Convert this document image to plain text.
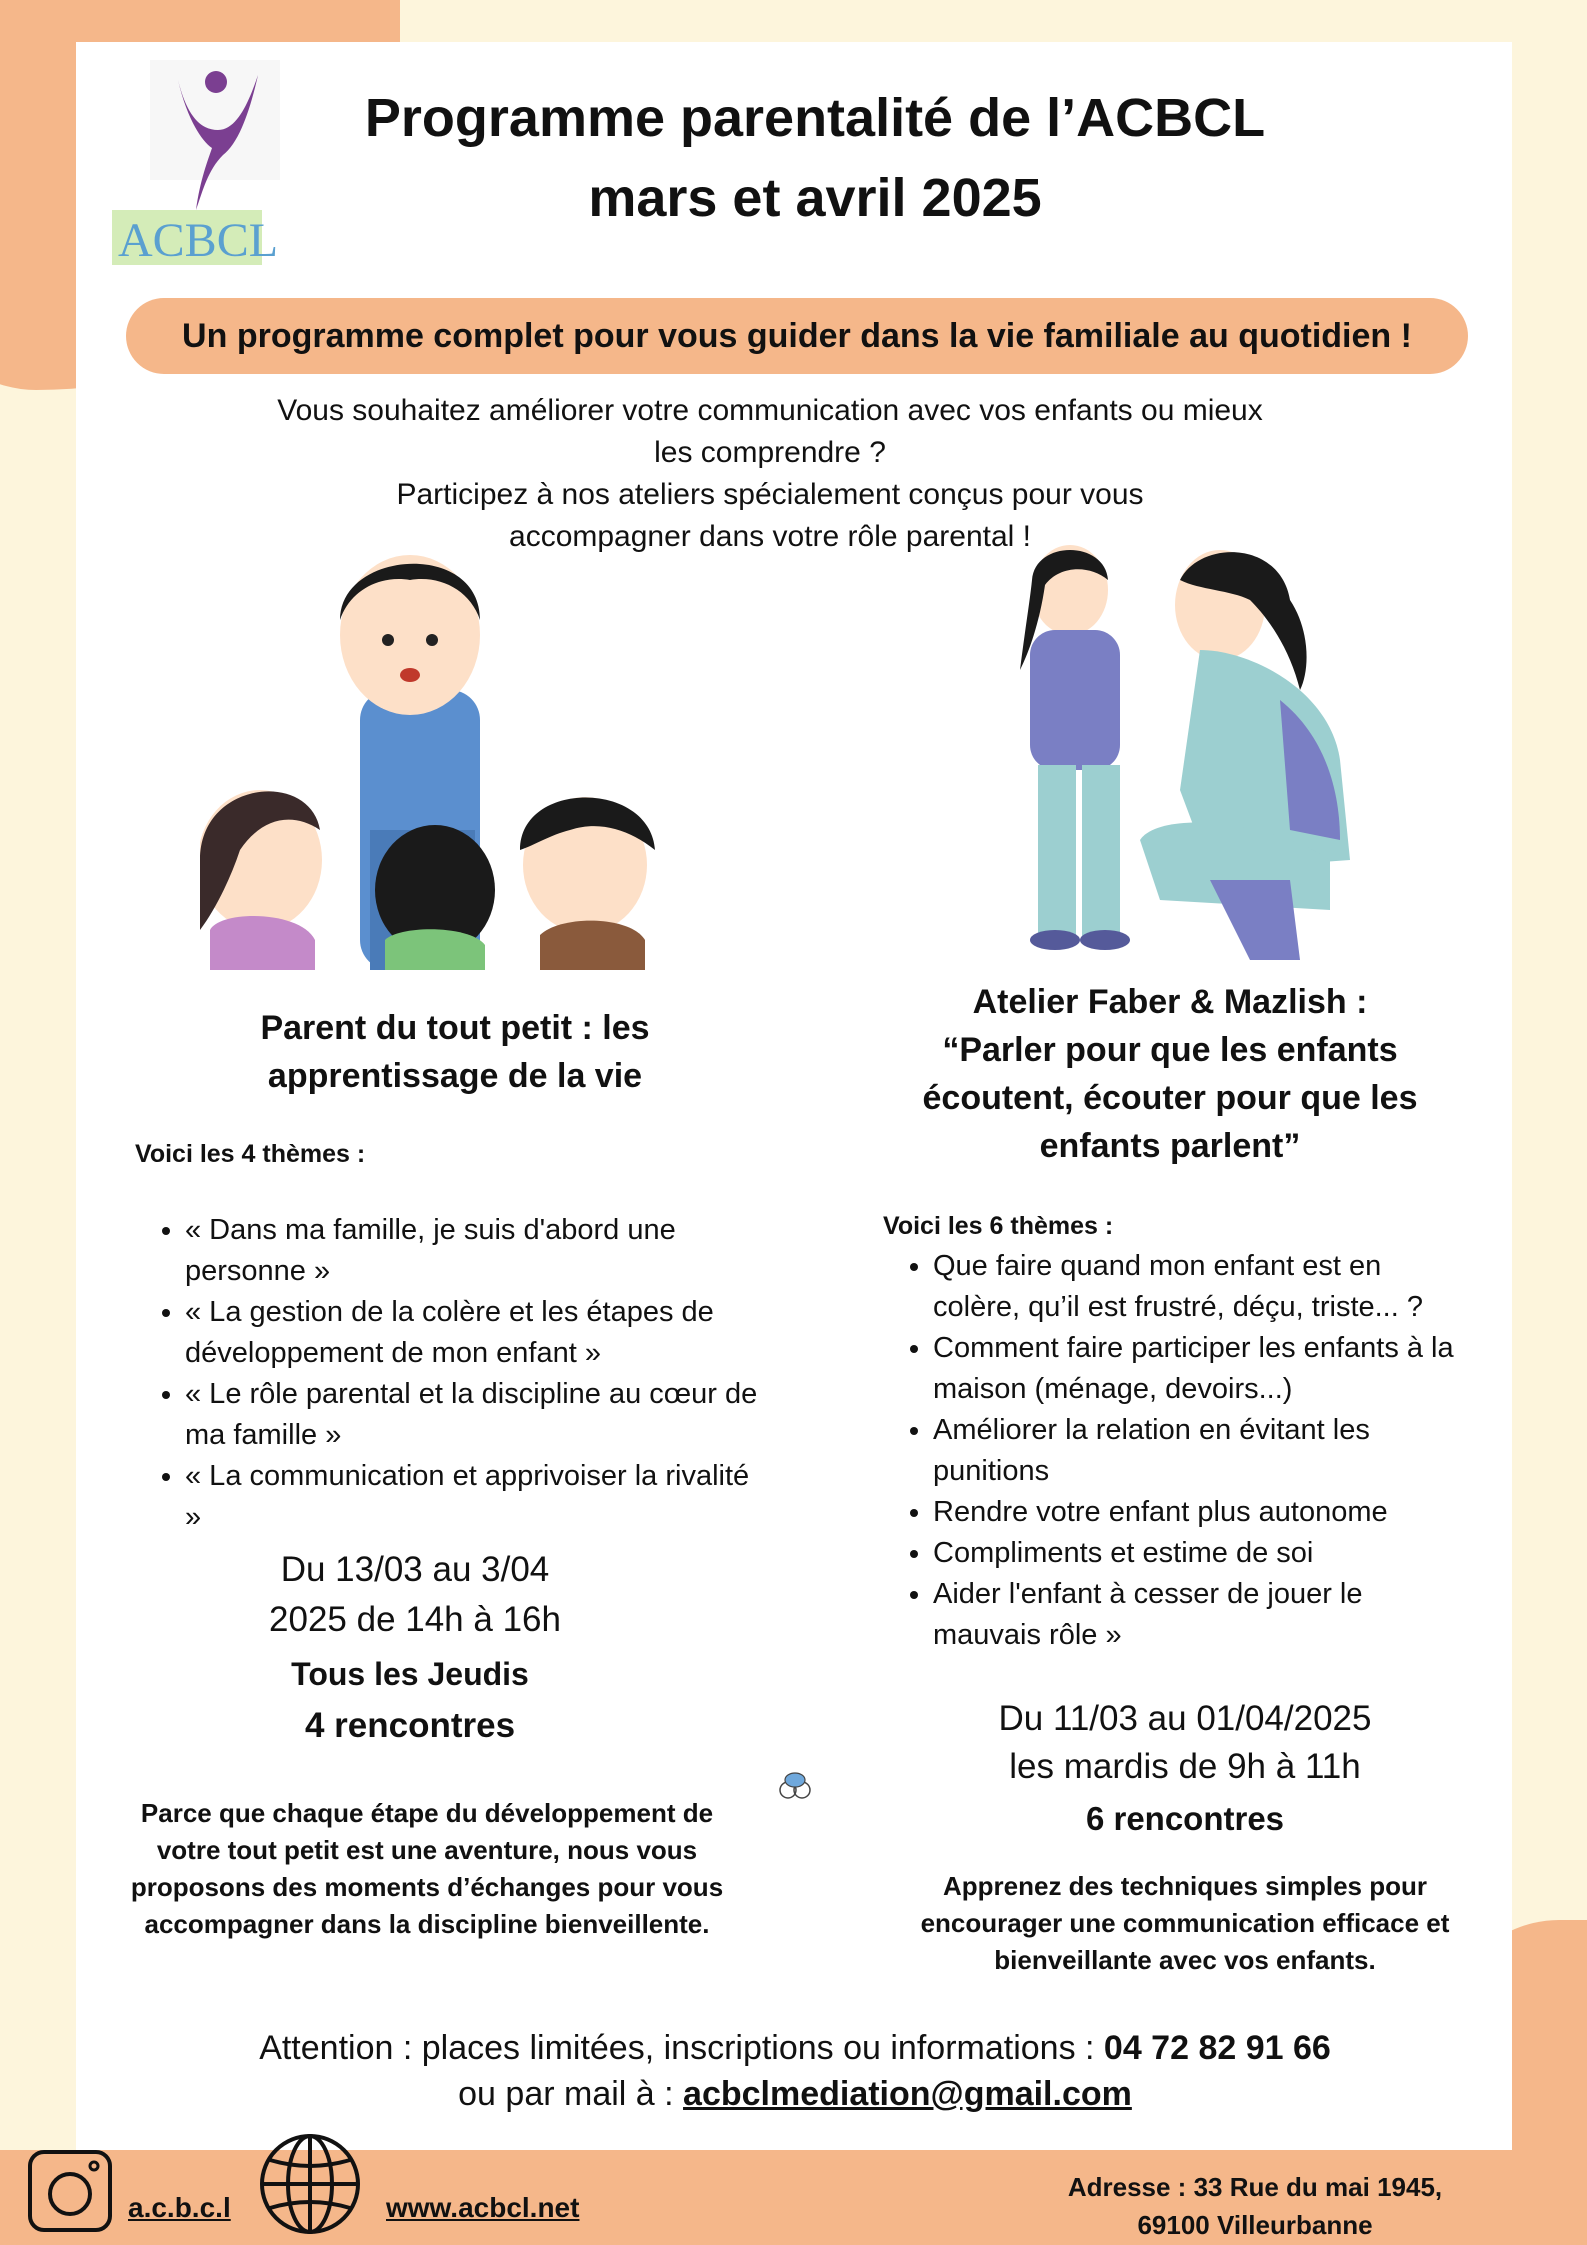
ACBCL
Programme parentalité de l’ACBCL
mars et avril 2025
Un programme complet pour vous guider dans la vie familiale au quotidien !
Vous souhaitez améliorer votre communication avec vos enfants ou mieux
les comprendre ?
Participez à nos ateliers spécialement conçus pour vous
accompagner dans votre rôle parental !
Parent du tout petit : les
apprentissage de la vie
Voici les 4 thèmes :
• « Dans ma famille, je suis d'abord une personne »
• « La gestion de la colère et les étapes de développement de mon enfant »
• « Le rôle parental et la discipline au cœur de ma famille »
• « La communication et apprivoiser la rivalité »
Du 13/03 au 3/04
2025 de 14h à 16h
Tous les Jeudis
4 rencontres
Parce que chaque étape du développement de votre tout petit est une aventure, nous vous proposons des moments d’échanges pour vous accompagner dans la discipline bienveillente.
Atelier Faber & Mazlish :
“Parler pour que les enfants
écoutent, écouter pour que les
enfants parlent”
Voici les 6 thèmes :
• Que faire quand mon enfant est en colère, qu’il est frustré, déçu, triste... ?
• Comment faire participer les enfants à la maison (ménage, devoirs...)
• Améliorer la relation en évitant les punitions
• Rendre votre enfant plus autonome
• Compliments et estime de soi
• Aider l'enfant à cesser de jouer le mauvais rôle »
Du 11/03 au 01/04/2025
les mardis de 9h à 11h
6 rencontres
Apprenez des techniques simples pour encourager une communication efficace et bienveillante avec vos enfants.
Attention : places limitées, inscriptions ou informations : 04 72 82 91 66
ou par mail à : acbclmediation@gmail.com
a.c.b.c.l	www.acbcl.net
Adresse : 33 Rue du mai 1945,
69100 Villeurbanne
